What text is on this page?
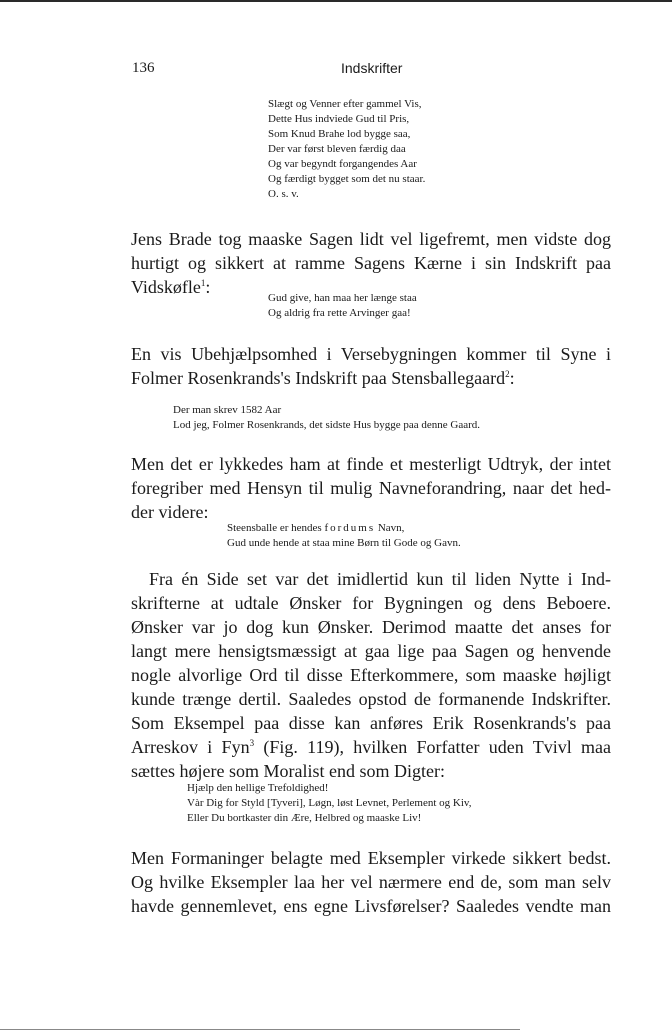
136	Indskrifter
Slægt og Venner efter gammel Vis,
Dette Hus indviede Gud til Pris,
Som Knud Brahe lod bygge saa,
Der var først bleven færdig daa
Og var begyndt forgangendes Aar
Og færdigt bygget som det nu staar.
O. s. v.
Jens Brade tog maaske Sagen lidt vel ligefremt, men vidste dog
hurtigt og sikkert at ramme Sagens Kærne i sin Indskrift paa
Vidskøfle$^1$:
Gud give, han maa her længe staa
Og aldrig fra rette Arvinger gaa!
En vis Ubehjælpsomhed i Versebygningen kommer til Syne i
Folmer Rosenkrands's Indskrift paa Stensballegaard$^2$:
Der man skrev 1582 Aar
Lod jeg, Folmer Rosenkrands, det sidste Hus bygge paa denne Gaard.
Men det er lykkedes ham at finde et mesterligt Udtryk, der intet
foregriber med Hensyn til mulig Navneforandring, naar det hed-
der videre:
Steensballe er hendes fordums Navn,
Gud unde hende at staa mine Børn til Gode og Gavn.
Fra én Side set var det imidlertid kun til liden Nytte i Ind-
skrifterne at udtale Ønsker for Bygningen og dens Beboere.
Ønsker var jo dog kun Ønsker. Derimod maatte det anses for
langt mere hensigtsmæssigt at gaa lige paa Sagen og henvende
nogle alvorlige Ord til disse Efterkommere, som maaske højligt
kunde trænge dertil. Saaledes opstod de formanende Indskrifter.
Som Eksempel paa disse kan anføres Erik Rosenkrands's paa
Arreskov i Fyn$^3$ (Fig. 119), hvilken Forfatter uden Tvivl maa
sættes højere som Moralist end som Digter:
Hjælp den hellige Trefoldighed!
Vàr Dig for Styld [Tyveri], Løgn, løst Levnet, Perlement og Kiv,
Eller Du bortkaster din Ære, Helbred og maaske Liv!
Men Formaninger belagte med Eksempler virkede sikkert bedst.
Og hvilke Eksempler laa her vel nærmere end de, som man selv
havde gennemlevet, ens egne Livsførelser? Saaledes vendte man
